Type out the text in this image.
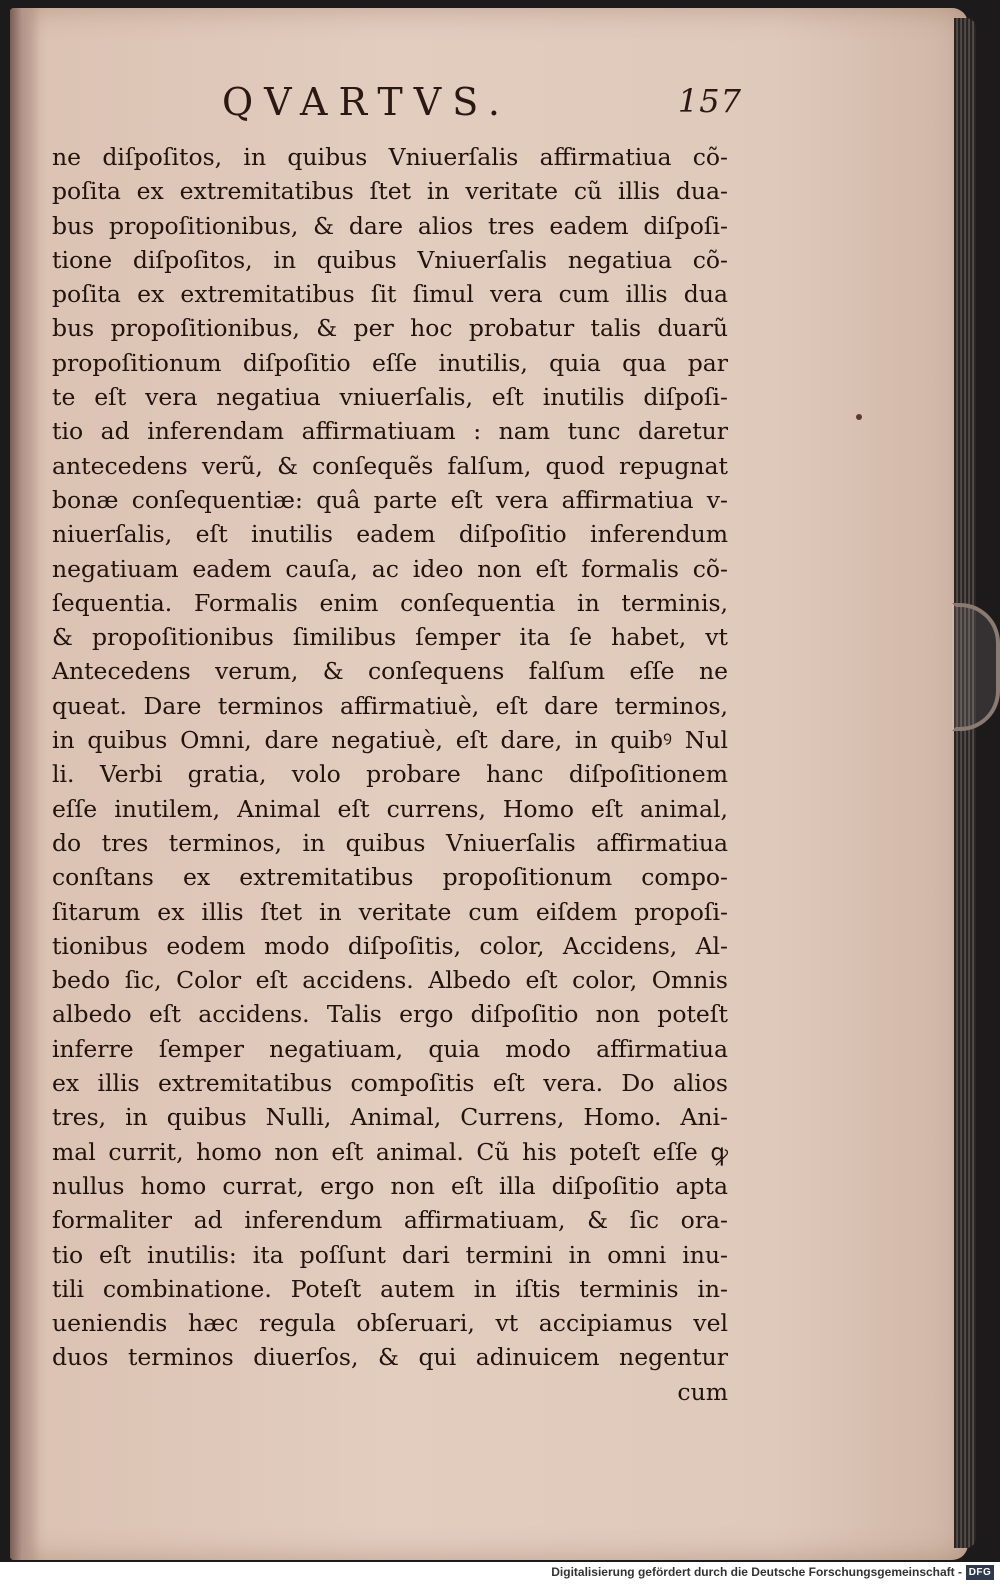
QVARTVS.	157
ne diſpoſitos, in quibus Vniuerſalis affirmatiua cõ-
poſita ex extremitatibus ſtet in veritate cũ illis dua-
bus propoſitionibus, & dare alios tres eadem diſpoſi-
tione diſpoſitos, in quibus Vniuerſalis negatiua cõ-
poſita ex extremitatibus ſit ſimul vera cum illis dua
bus propoſitionibus, & per hoc probatur talis duarũ
propoſitionum diſpoſitio eſſe inutilis, quia qua par
te eſt vera negatiua vniuerſalis, eſt inutilis diſpoſi-
tio ad inferendam affirmatiuam : nam tunc daretur
antecedens verũ, & conſequẽs falſum, quod repugnat
bonæ conſequentiæ: quâ parte eſt vera affirmatiua v-
niuerſalis, eſt inutilis eadem diſpoſitio inferendum
negatiuam eadem cauſa, ac ideo non eſt formalis cõ-
ſequentia. Formalis enim conſequentia in terminis,
& propoſitionibus ſimilibus ſemper ita ſe habet, vt
Antecedens verum, & conſequens falſum eſſe ne
queat. Dare terminos affirmatiuè, eſt dare terminos,
in quibus Omni, dare negatiuè, eſt dare, in quibꝰ Nul
li. Verbi gratia, volo probare hanc diſpoſitionem
eſſe inutilem, Animal eſt currens, Homo eſt animal,
do tres terminos, in quibus Vniuerſalis affirmatiua
conſtans ex extremitatibus propoſitionum compo-
ſitarum ex illis ſtet in veritate cum eiſdem propoſi-
tionibus eodem modo diſpoſitis, color, Accidens, Al-
bedo ſic, Color eſt accidens. Albedo eſt color, Omnis
albedo eſt accidens. Talis ergo diſpoſitio non poteſt
inferre ſemper negatiuam, quia modo affirmatiua
ex illis extremitatibus compoſitis eſt vera. Do alios
tres, in quibus Nulli, Animal, Currens, Homo. Ani-
mal currit, homo non eſt animal. Cũ his poteſt eſſe ꝙ
nullus homo currat, ergo non eſt illa diſpoſitio apta
formaliter ad inferendum affirmatiuam, & ſic ora-
tio eſt inutilis: ita poſſunt dari termini in omni inu-
tili combinatione. Poteſt autem in iſtis terminis in-
ueniendis hæc regula obſeruari, vt accipiamus vel
duos terminos diuerſos, & qui adinuicem negentur
cum
Digitalisierung gefördert durch die Deutsche Forschungsgemeinschaft - DFG
